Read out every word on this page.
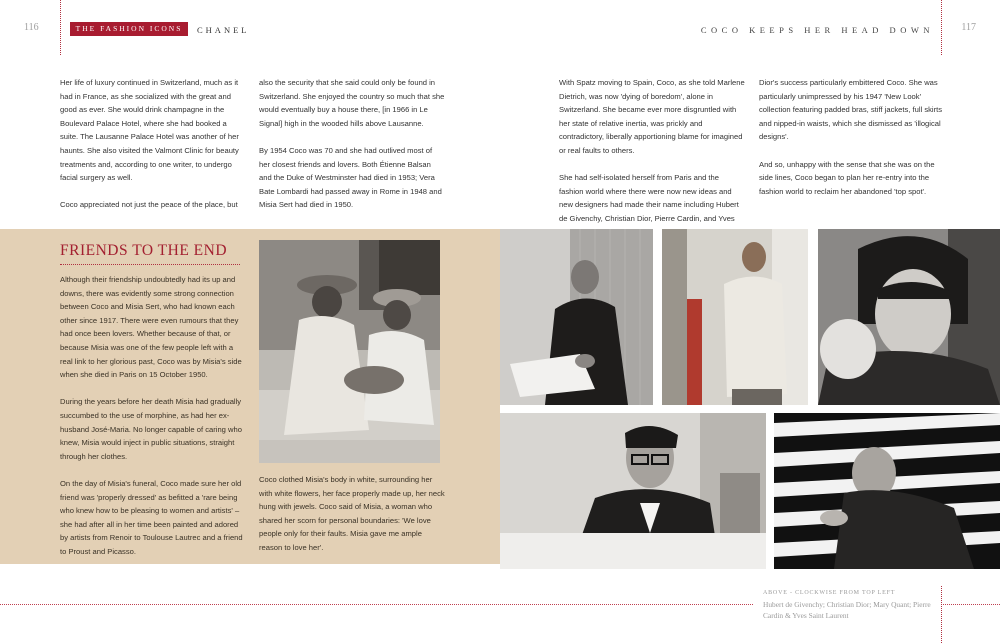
116	117
THE FASHION ICONS	CHANEL	COCO KEEPS HER HEAD DOWN

Her life of luxury continued in Switzerland, much as it had in France, as she socialized with the great and good as ever. She would drink champagne in the Boulevard Palace Hotel, where she had booked a suite. The Lausanne Palace Hotel was another of her haunts. She also visited the Valmont Clinic for beauty treatments and, according to one writer, to undergo facial surgery as well.

Coco appreciated not just the peace of the place, but

also the security that she said could only be found in Switzerland. She enjoyed the country so much that she would eventually buy a house there, [in 1966 in Le Signal] high in the wooded hills above Lausanne.

By 1954 Coco was 70 and she had outlived most of her closest friends and lovers. Both Étienne Balsan and the Duke of Westminster had died in 1953; Vera Bate Lombardi had passed away in Rome in 1948 and Misia Sert had died in 1950.

With Spatz moving to Spain, Coco, as she told Marlene Dietrich, was now 'dying of boredom', alone in Switzerland. She became ever more disgruntled with her state of relative inertia, was prickly and contradictory, liberally apportioning blame for imagined or real faults to others.

She had self-isolated herself from Paris and the fashion world where there were now new ideas and new designers had made their name including Hubert de Givenchy, Christian Dior, Pierre Cardin, and Yves

Dior's success particularly embittered Coco. She was particularly unimpressed by his 1947 'New Look' collection featuring padded bras, stiff jackets, full skirts and nipped-in waists, which she dismissed as 'illogical designs'.

And so, unhappy with the sense that she was on the side lines, Coco began to plan her re-entry into the fashion world to reclaim her abandoned 'top spot'.

FRIENDS TO THE END

Although their friendship undoubtedly had its up and downs, there was evidently some strong connection between Coco and Misia Sert, who had known each other since 1917. There were even rumours that they had once been lovers. Whether because of that, or because Misia was one of the few people left with a real link to her glorious past, Coco was by Misia's side when she died in Paris on 15 October 1950.

During the years before her death Misia had gradually succumbed to the use of morphine, as had her ex-husband José-Maria. No longer capable of caring who knew, Misia would inject in public situations, straight through her clothes.

On the day of Misia's funeral, Coco made sure her old friend was 'properly dressed' as befitted a 'rare being who knew how to be pleasing to women and artists' – she had after all in her time been painted and adored by artists from Renoir to Toulouse Lautrec and a friend to Proust and Picasso.

Coco clothed Misia's body in white, surrounding her with white flowers, her face properly made up, her neck hung with jewels. Coco said of Misia, a woman who shared her scorn for personal boundaries: 'We love people only for their faults. Misia gave me ample reason to love her'.

ABOVE - CLOCKWISE FROM TOP LEFT
Hubert de Givenchy; Christian Dior; Mary Quant; Pierre Cardin & Yves Saint Laurent
